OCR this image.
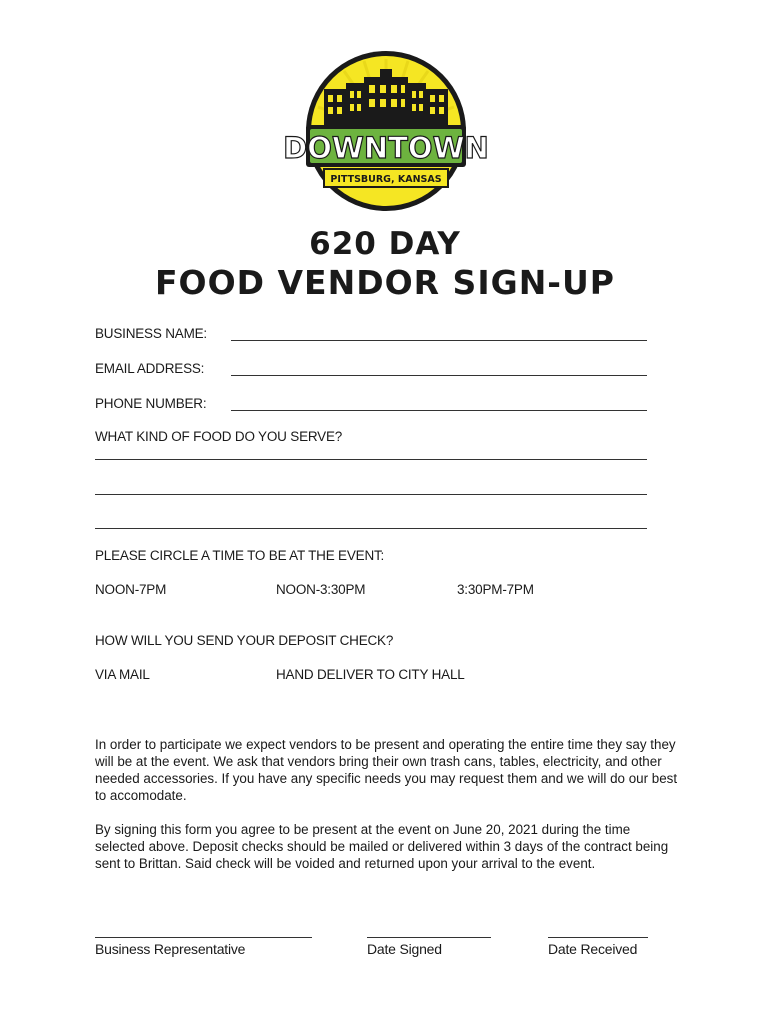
DOWNTOWN
PITTSBURG, KANSAS
620 DAY
FOOD VENDOR SIGN-UP
BUSINESS NAME:
EMAIL ADDRESS:
PHONE NUMBER:
WHAT KIND OF FOOD DO YOU SERVE?
PLEASE CIRCLE A TIME TO BE AT THE EVENT:
NOON-7PM	NOON-3:30PM	3:30PM-7PM
HOW WILL YOU SEND YOUR DEPOSIT CHECK?
VIA MAIL	HAND DELIVER TO CITY HALL

In order to participate we expect vendors to be present and operating the entire time they say they will be at the event. We ask that vendors bring their own trash cans, tables, electricity, and other needed accessories. If you have any specific needs you may request them and we will do our best to accomodate.

By signing this form you agree to be present at the event on June 20, 2021 during the time selected above. Deposit checks should be mailed or delivered within 3 days of the contract being sent to Brittan. Said check will be voided and returned upon your arrival to the event.

Business Representative	Date Signed	Date Received
